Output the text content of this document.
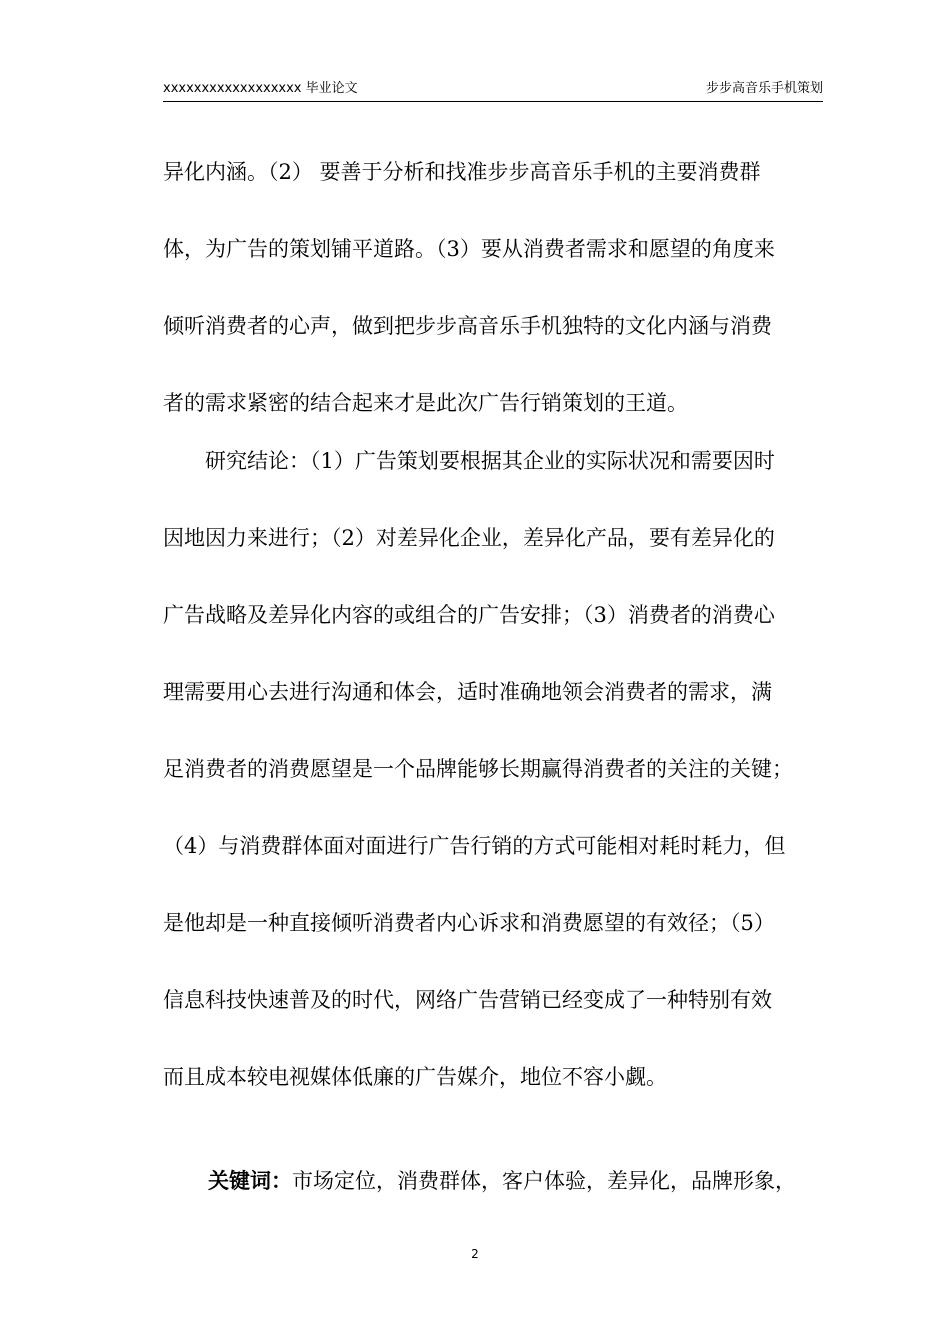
xxxxxxxxxxxxxxxxxx 毕业论文	步步高音乐手机策划
异化内涵。（2） 要善于分析和找准步步高音乐手机的主要消费群
体，为广告的策划铺平道路。（3）要从消费者需求和愿望的角度来
倾听消费者的心声，做到把步步高音乐手机独特的文化内涵与消费
者的需求紧密的结合起来才是此次广告行销策划的王道。
研究结论：（1）广告策划要根据其企业的实际状况和需要因时
因地因力来进行；（2）对差异化企业，差异化产品，要有差异化的
广告战略及差异化内容的或组合的广告安排；（3）消费者的消费心
理需要用心去进行沟通和体会，适时准确地领会消费者的需求，满
足消费者的消费愿望是一个品牌能够长期赢得消费者的关注的关键；
（4）与消费群体面对面进行广告行销的方式可能相对耗时耗力，但
是他却是一种直接倾听消费者内心诉求和消费愿望的有效径；（5）
信息科技快速普及的时代，网络广告营销已经变成了一种特别有效
而且成本较电视媒体低廉的广告媒介，地位不容小觑。
关键词：市场定位，消费群体，客户体验，差异化，品牌形象，
2
